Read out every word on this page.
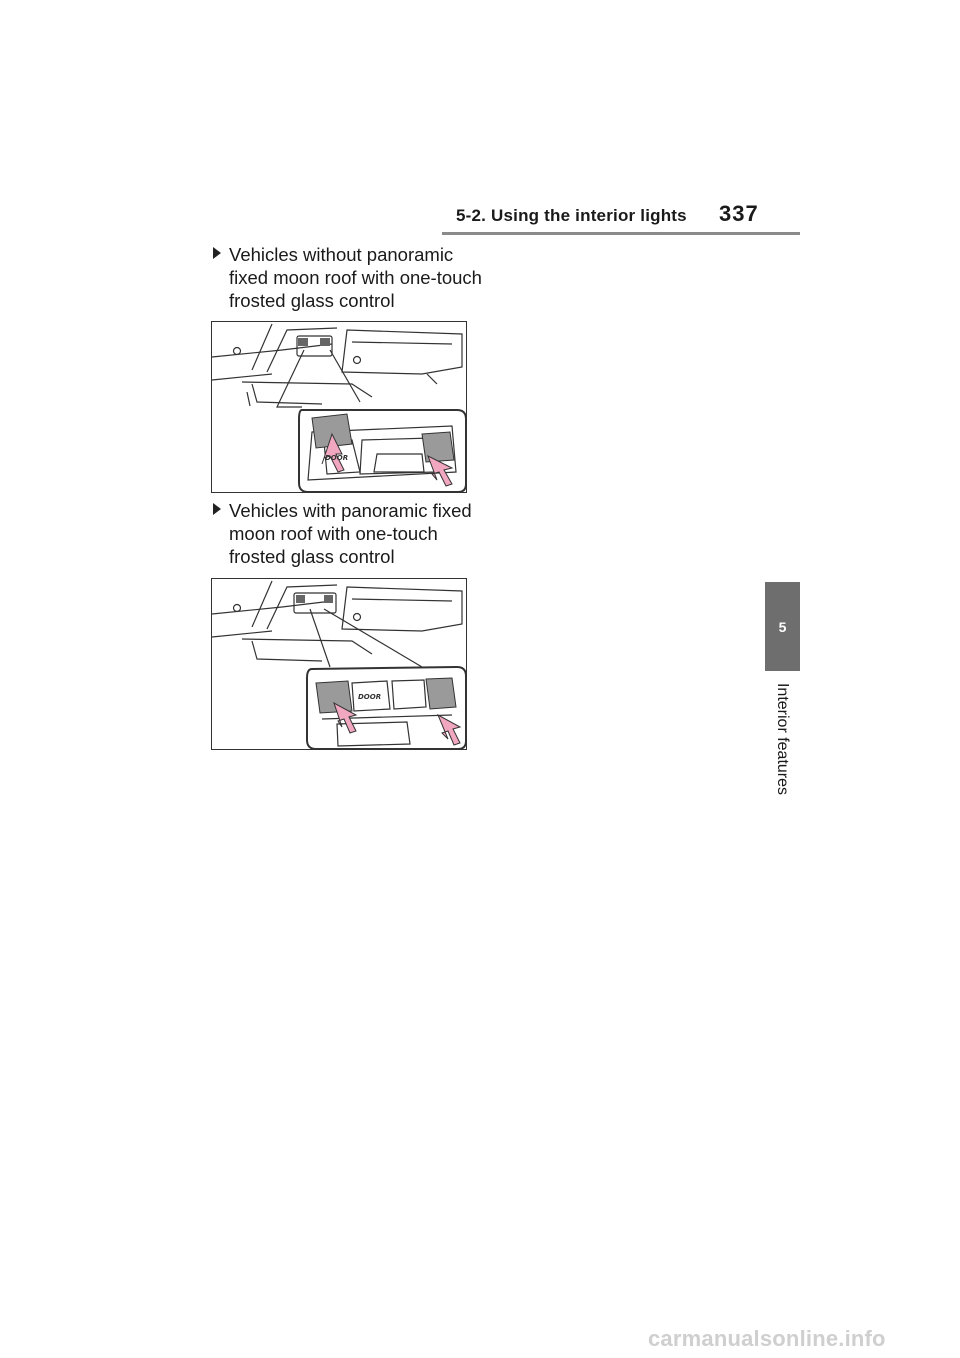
5-2. Using the interior lights 337
5
Interior features
Vehicles without panoramic fixed moon roof with one-touch frosted glass control
DOOR
Vehicles with panoramic fixed moon roof with one-touch frosted glass control
DOOR
carmanualsonline.info
